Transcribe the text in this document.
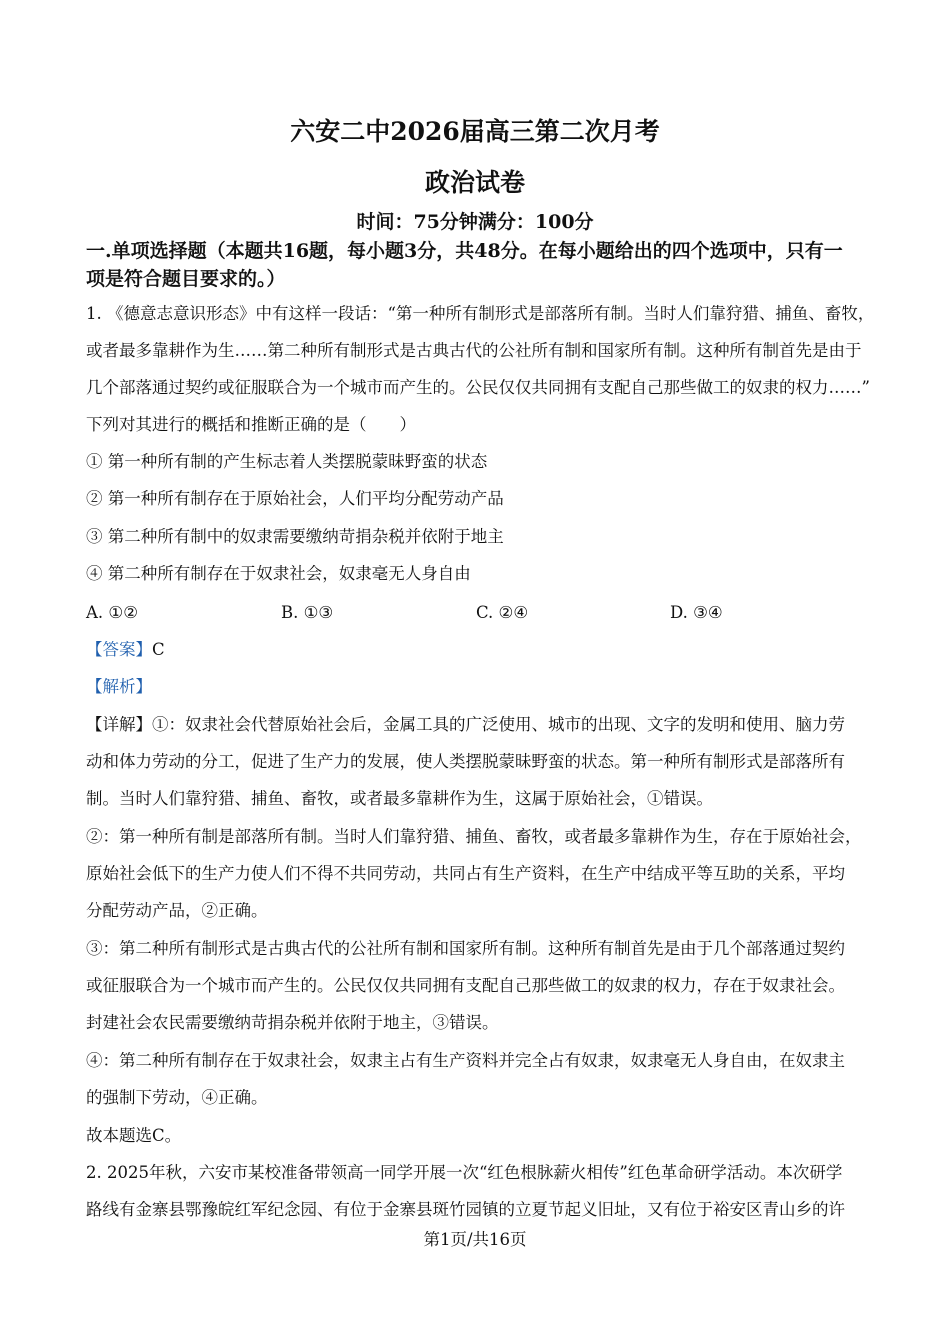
六安二中2026届高三第二次月考
政治试卷
时间：75分钟满分：100分
一.单项选择题（本题共16题，每小题3分，共48分。在每小题给出的四个选项中，只有一
项是符合题目要求的。）
1. 《德意志意识形态》中有这样一段话：“第一种所有制形式是部落所有制。当时人们靠狩猎、捕鱼、畜牧，
或者最多靠耕作为生……第二种所有制形式是古典古代的公社所有制和国家所有制。这种所有制首先是由于
几个部落通过契约或征服联合为一个城市而产生的。公民仅仅共同拥有支配自己那些做工的奴隶的权力……”
下列对其进行的概括和推断正确的是（　　）
① 第一种所有制的产生标志着人类摆脱蒙昧野蛮的状态
② 第一种所有制存在于原始社会，人们平均分配劳动产品
③ 第二种所有制中的奴隶需要缴纳苛捐杂税并依附于地主
④ 第二种所有制存在于奴隶社会，奴隶毫无人身自由
A. ①②	B. ①③	C. ②④	D. ③④
【答案】C
【解析】
【详解】①：奴隶社会代替原始社会后，金属工具的广泛使用、城市的出现、文字的发明和使用、脑力劳
动和体力劳动的分工，促进了生产力的发展，使人类摆脱蒙昧野蛮的状态。第一种所有制形式是部落所有
制。当时人们靠狩猎、捕鱼、畜牧，或者最多靠耕作为生，这属于原始社会，①错误。
②：第一种所有制是部落所有制。当时人们靠狩猎、捕鱼、畜牧，或者最多靠耕作为生，存在于原始社会，
原始社会低下的生产力使人们不得不共同劳动，共同占有生产资料，在生产中结成平等互助的关系，平均
分配劳动产品，②正确。
③：第二种所有制形式是古典古代的公社所有制和国家所有制。这种所有制首先是由于几个部落通过契约
或征服联合为一个城市而产生的。公民仅仅共同拥有支配自己那些做工的奴隶的权力，存在于奴隶社会。
封建社会农民需要缴纳苛捐杂税并依附于地主，③错误。
④：第二种所有制存在于奴隶社会，奴隶主占有生产资料并完全占有奴隶，奴隶毫无人身自由，在奴隶主
的强制下劳动，④正确。
故本题选C。
2. 2025年秋，六安市某校准备带领高一同学开展一次“红色根脉薪火相传”红色革命研学活动。本次研学
路线有金寨县鄂豫皖红军纪念园、有位于金寨县斑竹园镇的立夏节起义旧址，又有位于裕安区青山乡的许
第1页/共16页
